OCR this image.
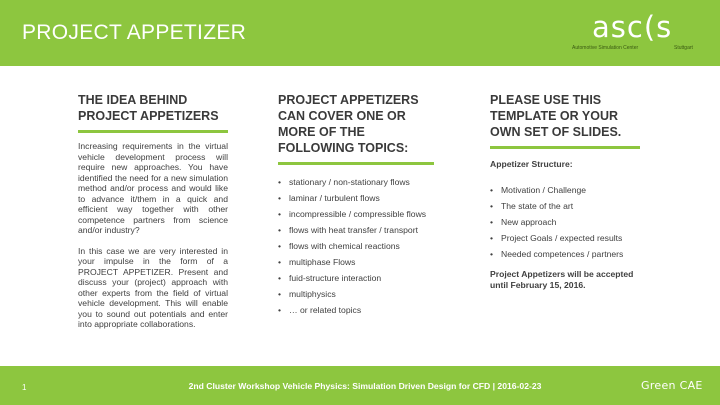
PROJECT APPETIZER	asc(s
Automotive Simulation Center	Stuttgart
THE IDEA BEHIND PROJECT APPETIZERS

Increasing requirements in the virtual vehicle development process will require new approaches. You have identified the need for a new simulation method and/or process and would like to advance it/them in a quick and efficient way together with other competence partners from science and/or industry?

In this case we are very interested in your impulse in the form of a PROJECT APPETIZER. Present and discuss your (project) approach with other experts from the field of virtual vehicle development. This will enable you to sound out potentials and enter into appropriate collaborations.

PROJECT APPETIZERS CAN COVER ONE OR MORE OF THE FOLLOWING TOPICS:
• stationary / non-stationary flows
• laminar / turbulent flows
• incompressible / compressible flows
• flows with heat transfer / transport
• flows with chemical reactions
• multiphase Flows
• fuid-structure interaction
• multiphysics
• … or related topics
PLEASE USE THIS TEMPLATE OR YOUR OWN SET OF SLIDES.
Appetizer Structure:
• Motivation / Challenge
• The state of the art
• New approach
• Project Goals / expected results
• Needed competences / partners
Project Appetizers will be accepted until February 15, 2016.
1	2nd Cluster Workshop Vehicle Physics: Simulation Driven Design for CFD | 2016-02-23	Green CAE
